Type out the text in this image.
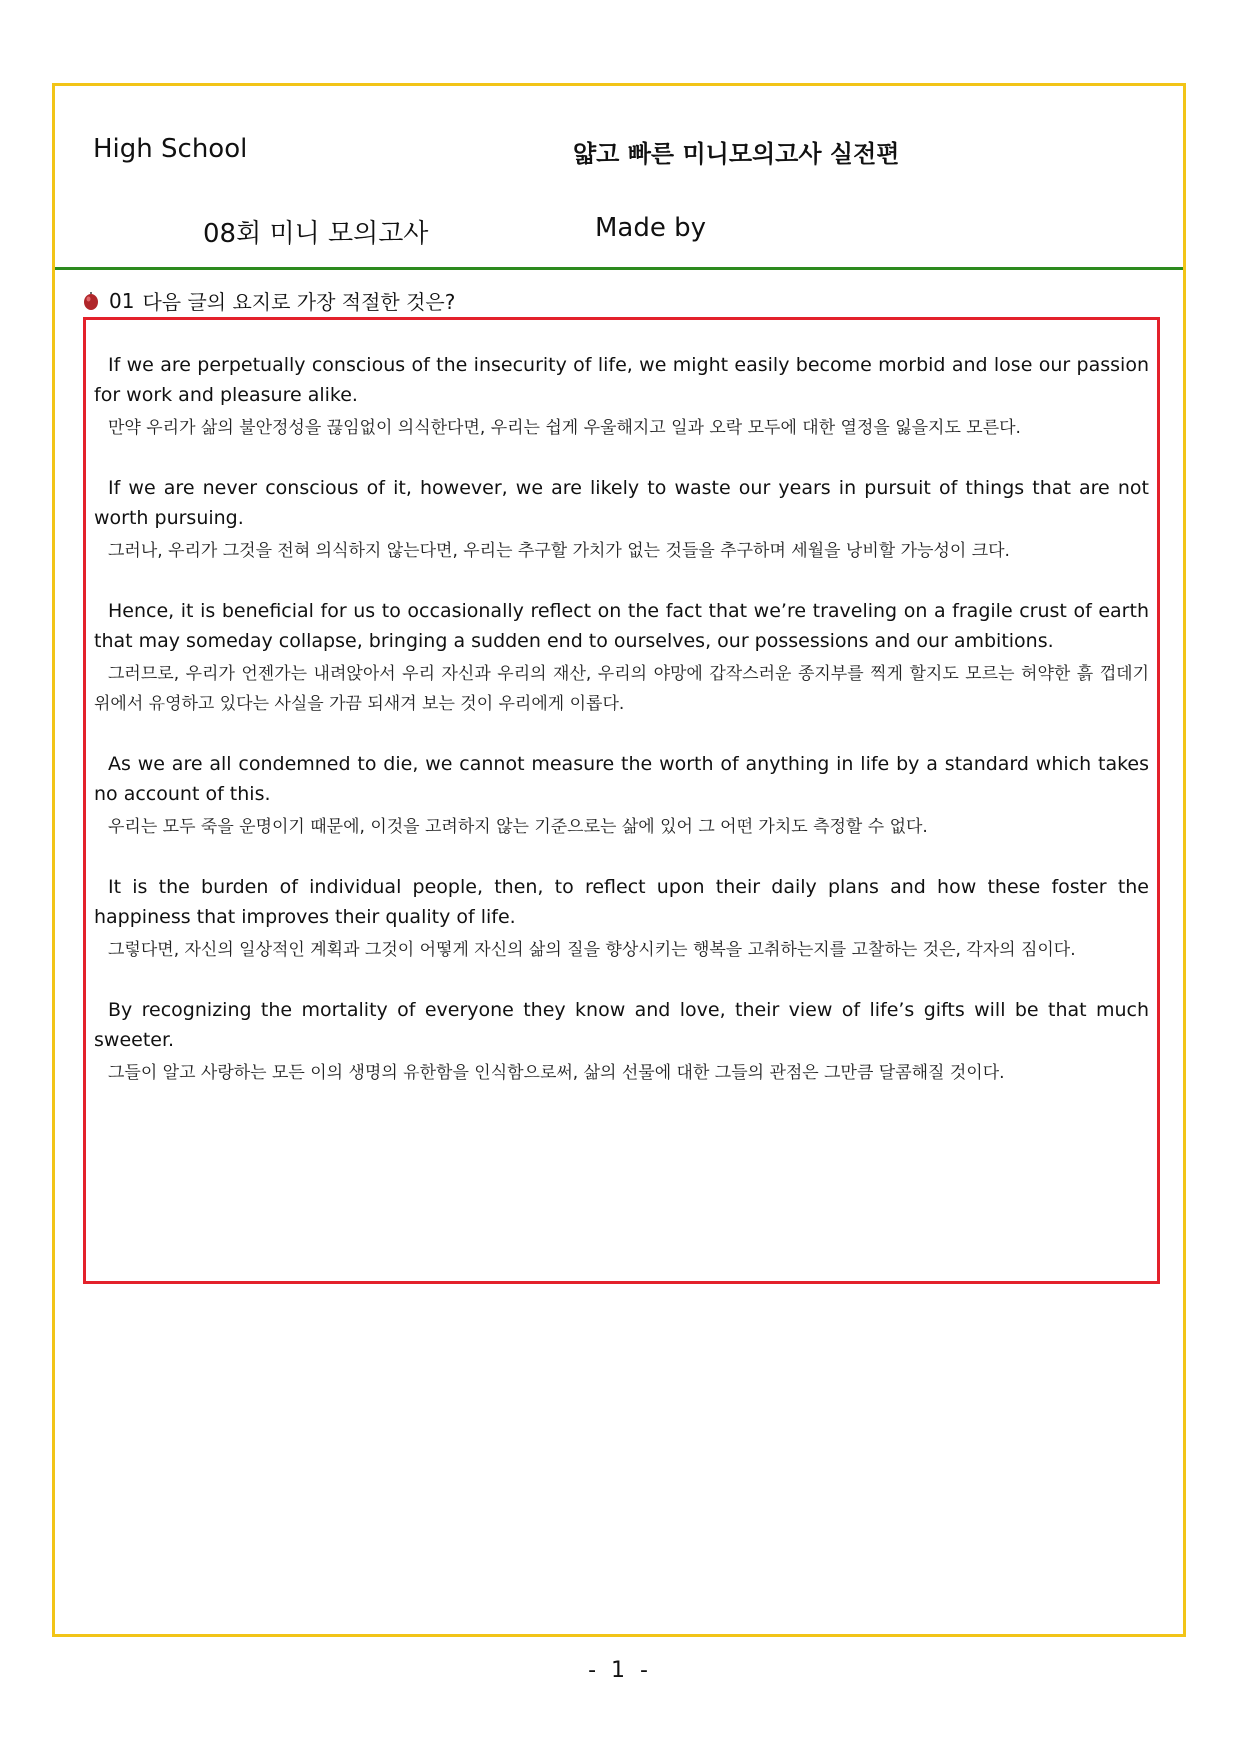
High School	얇고 빠른 미니모의고사 실전편
08회 미니 모의고사	Made by
01 다음 글의 요지로 가장 적절한 것은?

If we are perpetually conscious of the insecurity of life, we might easily become morbid and lose our passion for work and pleasure alike.

만약 우리가 삶의 불안정성을 끊임없이 의식한다면, 우리는 쉽게 우울해지고 일과 오락 모두에 대한 열정을 잃을지도 모른다.

If we are never conscious of it, however, we are likely to waste our years in pursuit of things that are not worth pursuing.

그러나, 우리가 그것을 전혀 의식하지 않는다면, 우리는 추구할 가치가 없는 것들을 추구하며 세월을 낭비할 가능성이 크다.

Hence, it is beneficial for us to occasionally reflect on the fact that we’re traveling on a fragile crust of earth that may someday collapse, bringing a sudden end to ourselves, our possessions and our ambitions.

그러므로, 우리가 언젠가는 내려앉아서 우리 자신과 우리의 재산, 우리의 야망에 갑작스러운 종지부를 찍게 할지도 모르는 허약한 흙 껍데기 위에서 유영하고 있다는 사실을 가끔 되새겨 보는 것이 우리에게 이롭다.

As we are all condemned to die, we cannot measure the worth of anything in life by a standard which takes no account of this.

우리는 모두 죽을 운명이기 때문에, 이것을 고려하지 않는 기준으로는 삶에 있어 그 어떤 가치도 측정할 수 없다.

It is the burden of individual people, then, to reflect upon their daily plans and how these foster the happiness that improves their quality of life.

그렇다면, 자신의 일상적인 계획과 그것이 어떻게 자신의 삶의 질을 향상시키는 행복을 고취하는지를 고찰하는 것은, 각자의 짐이다.

By recognizing the mortality of everyone they know and love, their view of life’s gifts will be that much sweeter.

그들이 알고 사랑하는 모든 이의 생명의 유한함을 인식함으로써, 삶의 선물에 대한 그들의 관점은 그만큼 달콤해질 것이다.

- 1 -
